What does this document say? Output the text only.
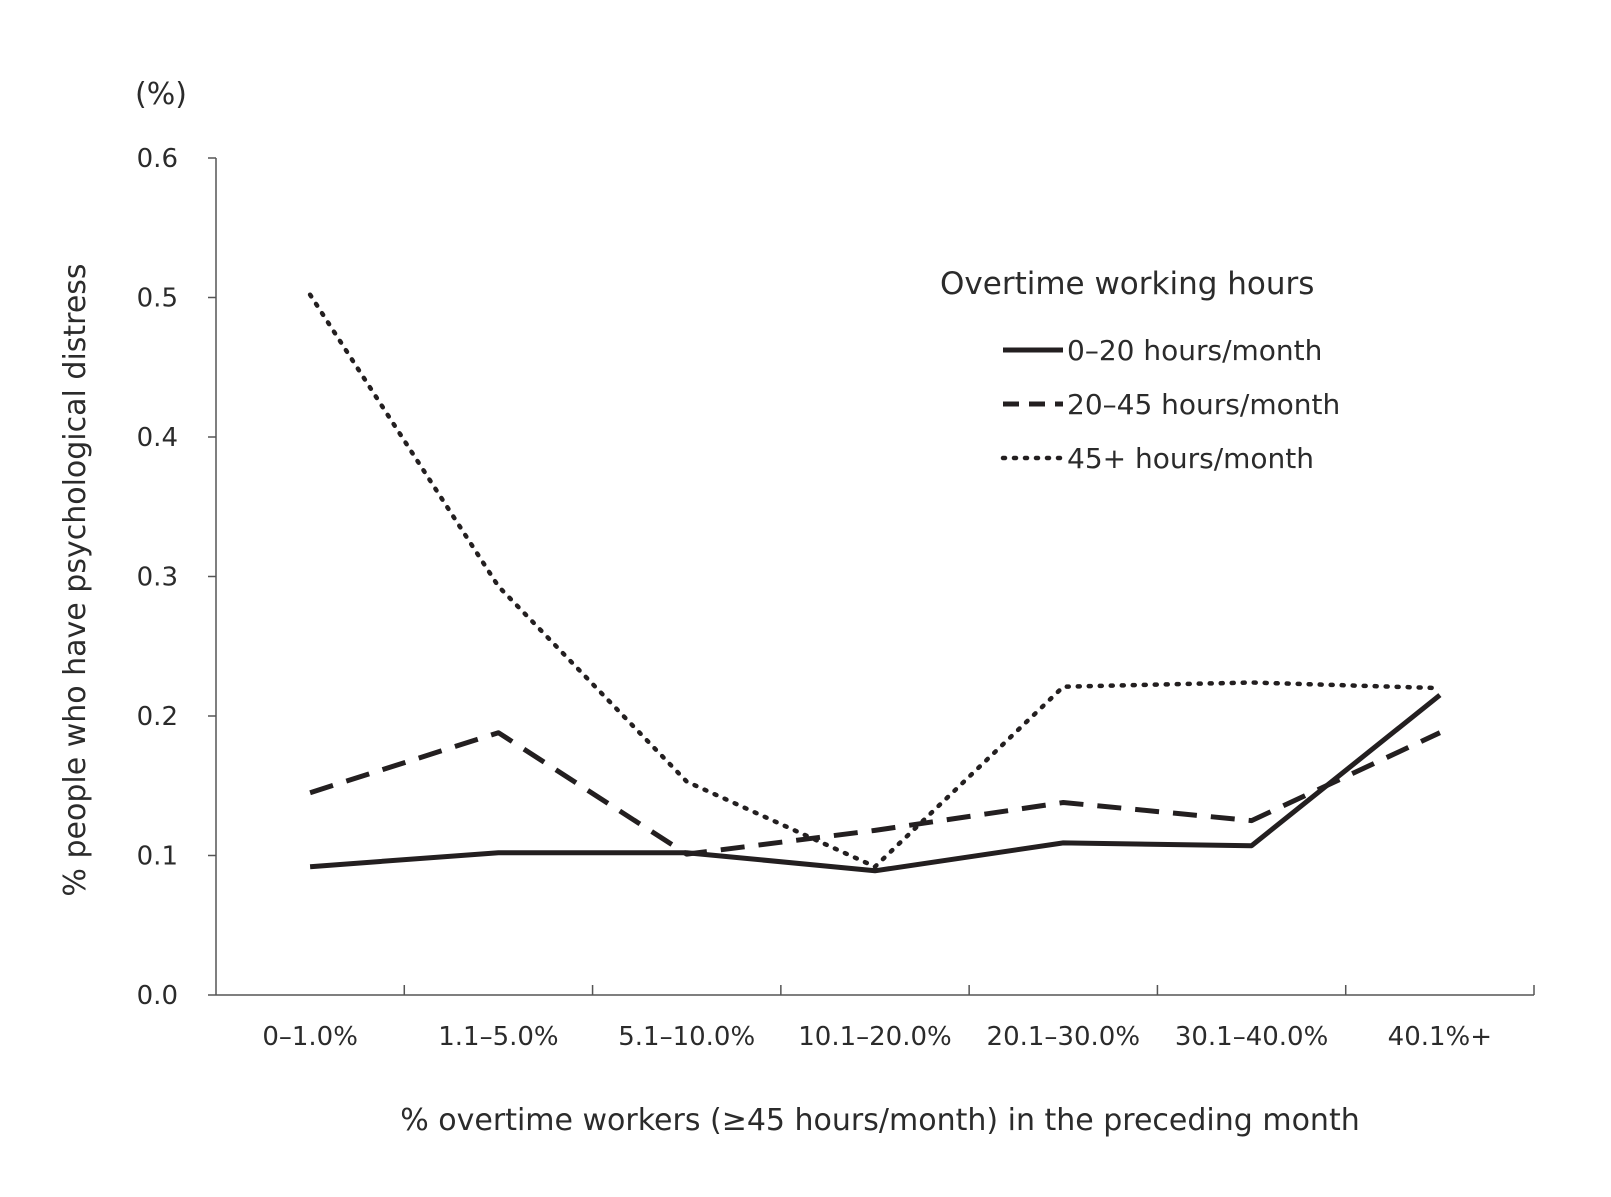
(%)
% people who have psychological distress
% overtime workers (≥45 hours/month) in the preceding month
0.0
0.1
0.2
0.3
0.4
0.5
0.6
0–1.0%	1.1–5.0% 5.1–10.0% 10.1–20.0% 20.1–30.0% 30.1–40.0% 40.1%+
Overtime working hours
0–20 hours/month
20–45 hours/month
45+ hours/month
